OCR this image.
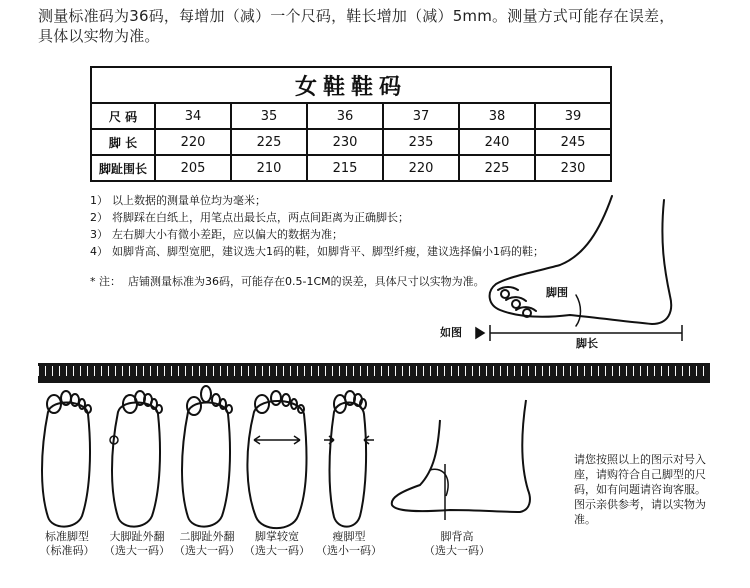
测量标准码为36码，每增加（减）一个尺码，鞋长增加（减）5mm。测量方式可能存在误差，
具体以实物为准。
女鞋鞋码						
尺 码	34	35	36	37	38	39
脚 长	220	225	230	235	240	245
脚趾围长	205	210	215	220	225	230

1） 以上数据的测量单位均为毫米；

2） 将脚踩在白纸上，用笔点出最长点，两点间距离为正确脚长；

3） 左右脚大小有微小差距，应以偏大的数据为准；

4） 如脚背高、脚型宽肥，建议选大1码的鞋，如脚背平、脚型纤瘦，建议选择偏小1码的鞋；

* 注： 店铺测量标准为36码，可能存在0.5-1CM的误差，具体尺寸以实物为准。

脚围
如图
脚长
标准脚型
（标准码）
大脚趾外翻
（选大一码）
二脚趾外翻
（选大一码）
脚掌较宽
（选大一码）
瘦脚型
（选小一码）
脚背高
（选大一码）

请您按照以上的图示对号入座，请购符合自己脚型的尺码，如有问题请咨询客服。

图示亲供参考，请以实物为准。
